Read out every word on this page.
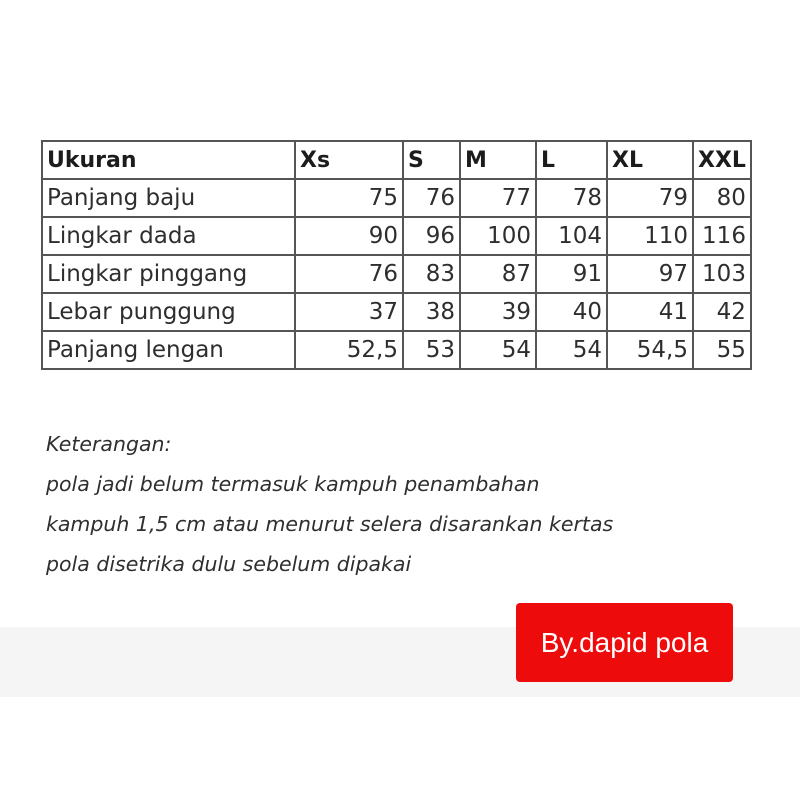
Ukuran	Xs	S	M	L	XL	XXL
Panjang baju	75	76	77	78	79	80
Lingkar dada	90	96	100	104	110	116
Lingkar pinggang	76	83	87	91	97	103
Lebar punggung	37	38	39	40	41	42
Panjang lengan	52,5	53	54	54	54,5	55
Keterangan:
pola jadi belum termasuk kampuh penambahan
kampuh 1,5 cm atau menurut selera disarankan kertas
pola disetrika dulu sebelum dipakai
By.dapid pola
